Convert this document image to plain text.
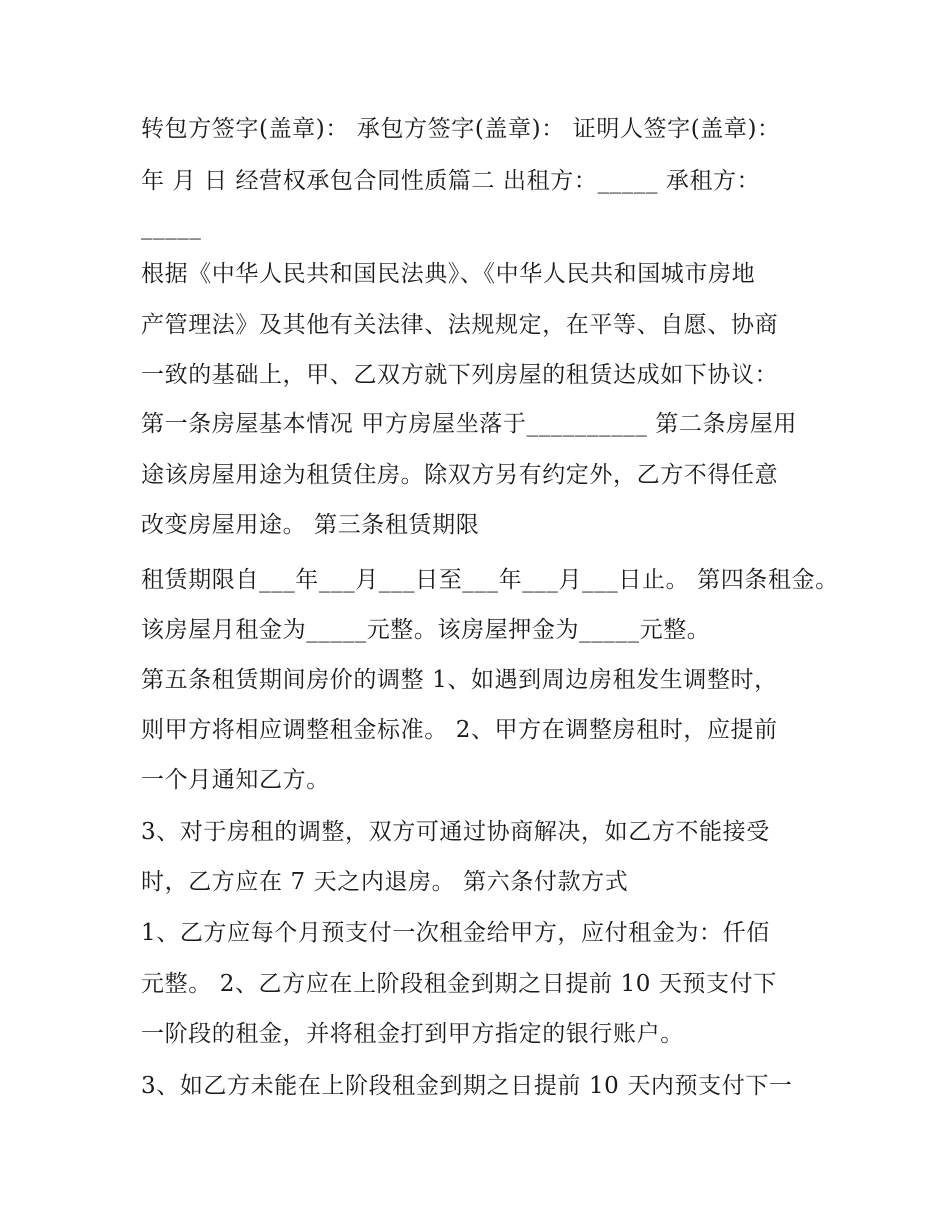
转包方签字(盖章)： 承包方签字(盖章)： 证明人签字(盖章)：
年 月 日 经营权承包合同性质篇二 出租方：_____ 承租方：
_____
根据《中华人民共和国民法典》、《中华人民共和国城市房地
产管理法》及其他有关法律、法规规定，在平等、自愿、协商
一致的基础上，甲、乙双方就下列房屋的租赁达成如下协议：
第一条房屋基本情况 甲方房屋坐落于__________ 第二条房屋用
途该房屋用途为租赁住房。除双方另有约定外，乙方不得任意
改变房屋用途。 第三条租赁期限
租赁期限自___年___月___日至___年___月___日止。 第四条租金。
该房屋月租金为_____元整。该房屋押金为_____元整。
第五条租赁期间房价的调整 1、如遇到周边房租发生调整时，
则甲方将相应调整租金标准。 2、甲方在调整房租时，应提前
一个月通知乙方。
3、对于房租的调整，双方可通过协商解决，如乙方不能接受
时，乙方应在 7 天之内退房。 第六条付款方式
1、乙方应每个月预支付一次租金给甲方，应付租金为：仟佰
元整。 2、乙方应在上阶段租金到期之日提前 10 天预支付下
一阶段的租金，并将租金打到甲方指定的银行账户。
3、如乙方未能在上阶段租金到期之日提前 10 天内预支付下一
